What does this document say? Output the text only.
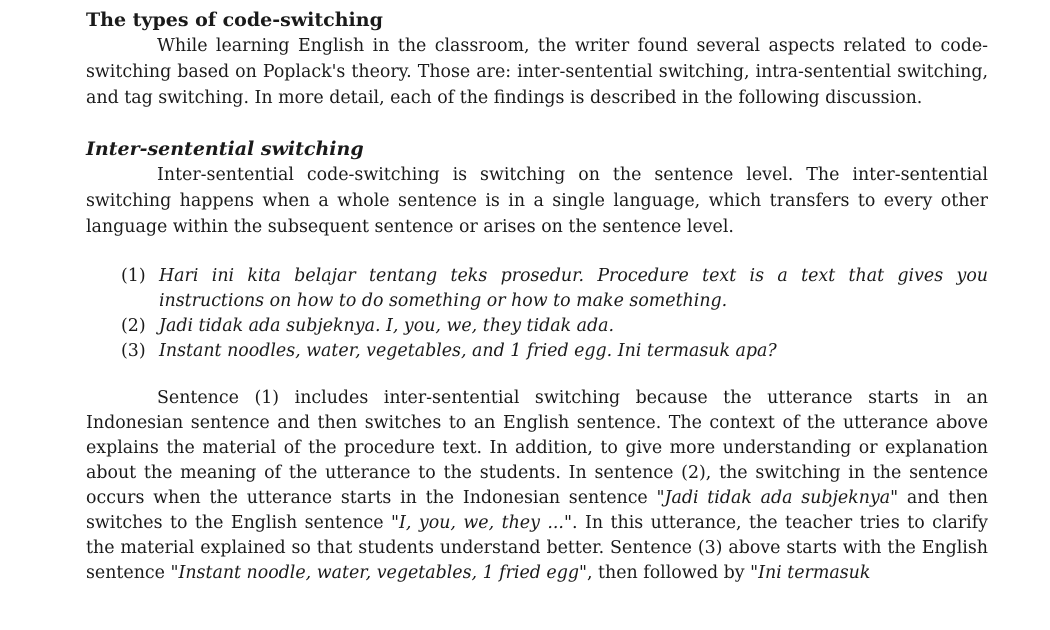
The types of code-switching

While learning English in the classroom, the writer found several aspects related to code-switching based on Poplack's theory. Those are: inter-sentential switching, intra-sentential switching, and tag switching. In more detail, each of the findings is described in the following discussion.

Inter-sentential switching

Inter-sentential code-switching is switching on the sentence level. The inter-sentential switching happens when a whole sentence is in a single language, which transfers to every other language within the subsequent sentence or arises on the sentence level.

(1) Hari ini kita belajar tentang teks prosedur. Procedure text is a text that gives you instructions on how to do something or how to make something.
(2) Jadi tidak ada subjeknya. I, you, we, they tidak ada.
(3) Instant noodles, water, vegetables, and 1 fried egg. Ini termasuk apa?

Sentence (1) includes inter-sentential switching because the utterance starts in an Indonesian sentence and then switches to an English sentence. The context of the utterance above explains the material of the procedure text. In addition, to give more understanding or explanation about the meaning of the utterance to the students. In sentence (2), the switching in the sentence occurs when the utterance starts in the Indonesian sentence "Jadi tidak ada subjeknya" and then switches to the English sentence "I, you, we, they ...". In this utterance, the teacher tries to clarify the material explained so that students understand better. Sentence (3) above starts with the English sentence "Instant noodle, water, vegetables, 1 fried egg", then followed by "Ini termasuk
